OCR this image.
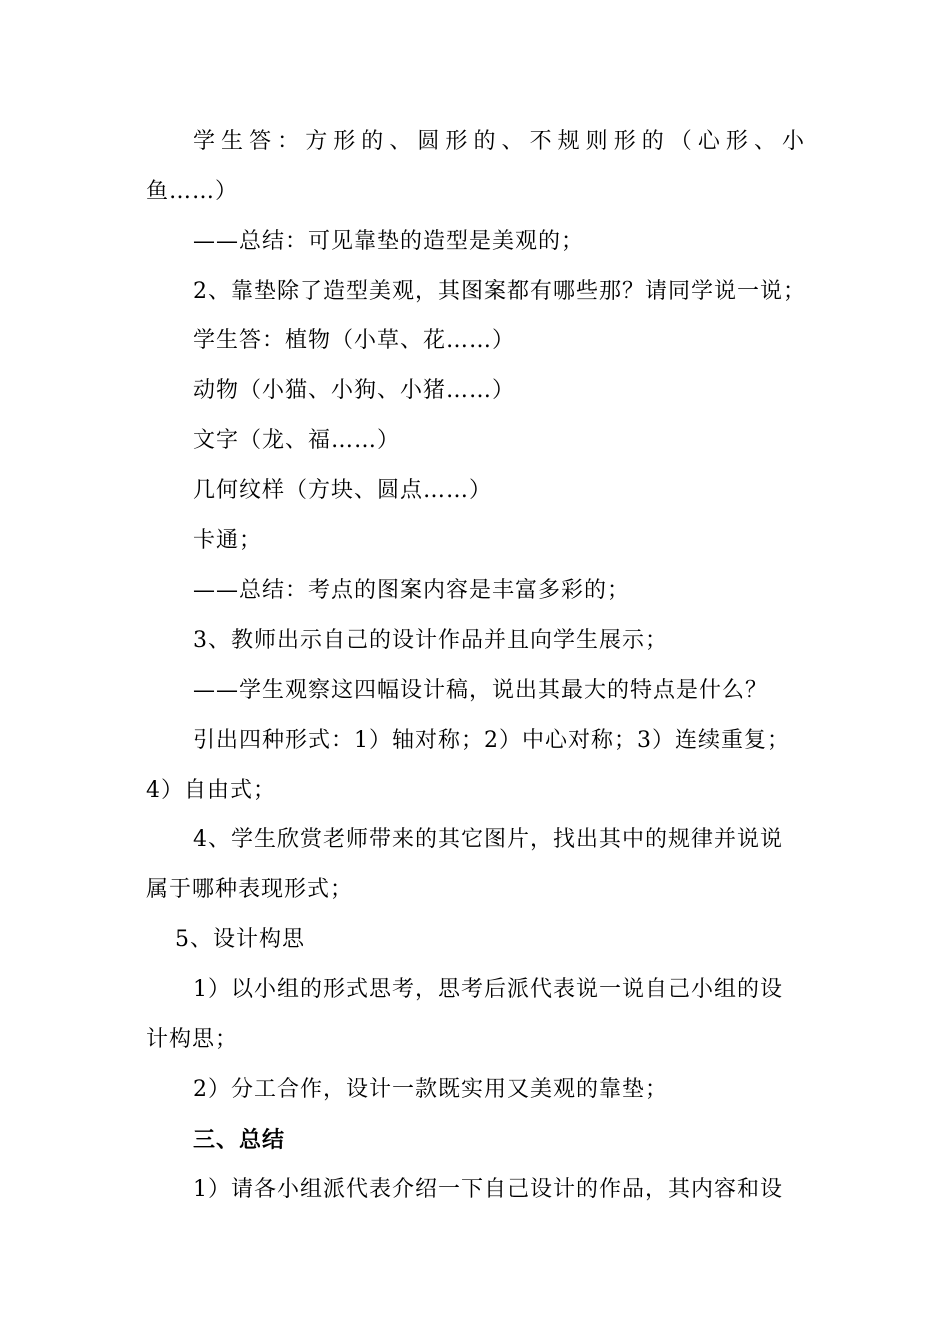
学生答：方形的、圆形的、不规则形的（心形、小
鱼……）
——总结：可见靠垫的造型是美观的；
2、靠垫除了造型美观，其图案都有哪些那？请同学说一说；
学生答：植物（小草、花……）
动物（小猫、小狗、小猪……）
文字（龙、福……）
几何纹样（方块、圆点……）
卡通；
——总结：考点的图案内容是丰富多彩的；
3、教师出示自己的设计作品并且向学生展示；
——学生观察这四幅设计稿，说出其最大的特点是什么？
引出四种形式：1）轴对称；2）中心对称；3）连续重复；
4）自由式；
4、学生欣赏老师带来的其它图片，找出其中的规律并说说
属于哪种表现形式；
5、设计构思
1）以小组的形式思考，思考后派代表说一说自己小组的设
计构思；
2）分工合作，设计一款既实用又美观的靠垫；
三、总结
1）请各小组派代表介绍一下自己设计的作品，其内容和设
